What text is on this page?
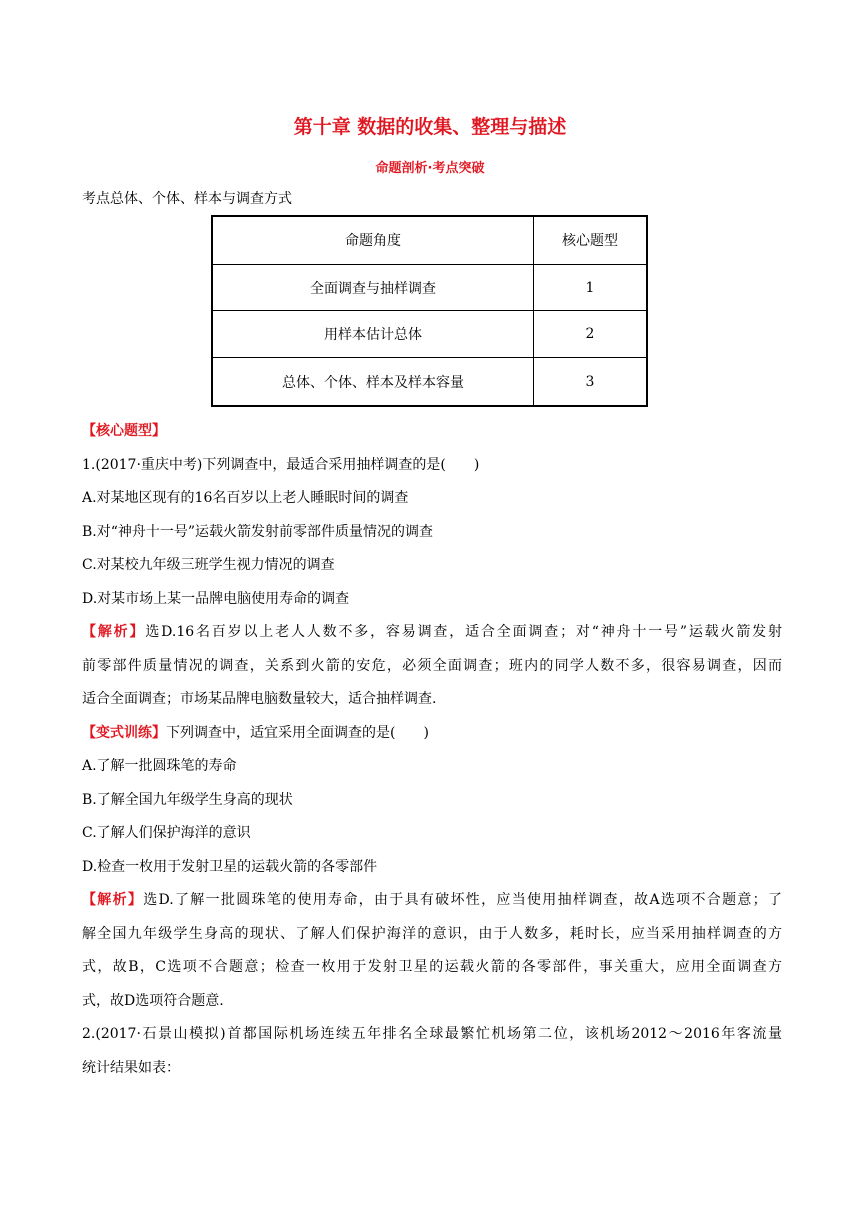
第十章 数据的收集、整理与描述
命题剖析·考点突破
考点总体、个体、样本与调查方式
命题角度	核心题型
全面调查与抽样调查	1
用样本估计总体	2
总体、个体、样本及样本容量	3

【核心题型】

1.(2017·重庆中考)下列调查中，最适合采用抽样调查的是(　　)

A.对某地区现有的16名百岁以上老人睡眠时间的调查

B.对“神舟十一号”运载火箭发射前零部件质量情况的调查

C.对某校九年级三班学生视力情况的调查

D.对某市场上某一品牌电脑使用寿命的调查

【解析】选D.16名百岁以上老人人数不多，容易调查，适合全面调查；对“神舟十一号”运载火箭发射

前零部件质量情况的调查，关系到火箭的安危，必须全面调查；班内的同学人数不多，很容易调查，因而

适合全面调查；市场某品牌电脑数量较大，适合抽样调查.

【变式训练】下列调查中，适宜采用全面调查的是(　　)

A.了解一批圆珠笔的寿命

B.了解全国九年级学生身高的现状

C.了解人们保护海洋的意识

D.检查一枚用于发射卫星的运载火箭的各零部件

【解析】选D.了解一批圆珠笔的使用寿命，由于具有破坏性，应当使用抽样调查，故A选项不合题意；了

解全国九年级学生身高的现状、了解人们保护海洋的意识，由于人数多，耗时长，应当采用抽样调查的方

式，故B，C选项不合题意；检查一枚用于发射卫星的运载火箭的各零部件，事关重大，应用全面调查方

式，故D选项符合题意.

2.(2017·石景山模拟)首都国际机场连续五年排名全球最繁忙机场第二位，该机场2012～2016年客流量

统计结果如表：
